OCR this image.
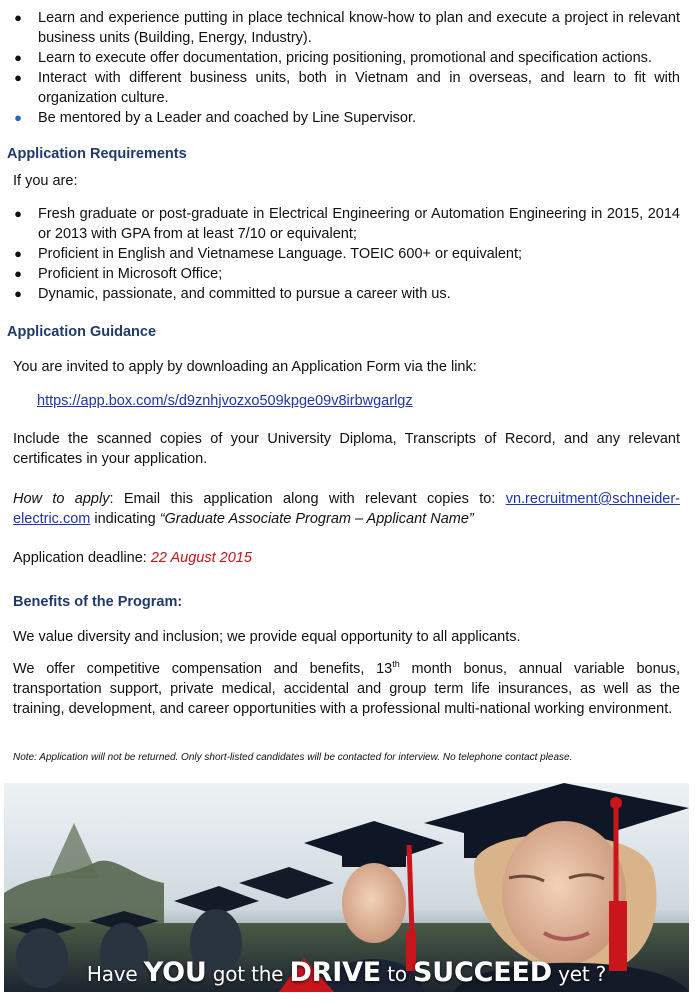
● Learn and experience putting in place technical know-how to plan and execute a project in relevant business units (Building, Energy, Industry).
● Learn to execute offer documentation, pricing positioning, promotional and specification actions.
● Interact with different business units, both in Vietnam and in overseas, and learn to fit with organization culture.
● Be mentored by a Leader and coached by Line Supervisor.
Application Requirements
If you are:
● Fresh graduate or post-graduate in Electrical Engineering or Automation Engineering in 2015, 2014 or 2013 with GPA from at least 7/10 or equivalent;
● Proficient in English and Vietnamese Language. TOEIC 600+ or equivalent;
● Proficient in Microsoft Office;
● Dynamic, passionate, and committed to pursue a career with us.
Application Guidance
You are invited to apply by downloading an Application Form via the link:
https://app.box.com/s/d9znhjvozxo509kpge09v8irbwgarlgz
Include the scanned copies of your University Diploma, Transcripts of Record, and any relevant certificates in your application.
How to apply: Email this application along with relevant copies to: vn.recruitment@schneider-electric.com indicating “Graduate Associate Program – Applicant Name”
Application deadline: 22 August 2015
Benefits of the Program:
We value diversity and inclusion; we provide equal opportunity to all applicants.
We offer competitive compensation and benefits, 13th month bonus, annual variable bonus, transportation support, private medical, accidental and group term life insurances, as well as the training, development, and career opportunities with a professional multi-national working environment.
Note: Application will not be returned. Only short-listed candidates will be contacted for interview. No telephone contact please.
Have YOU got the DRIVE to SUCCEED yet ?
